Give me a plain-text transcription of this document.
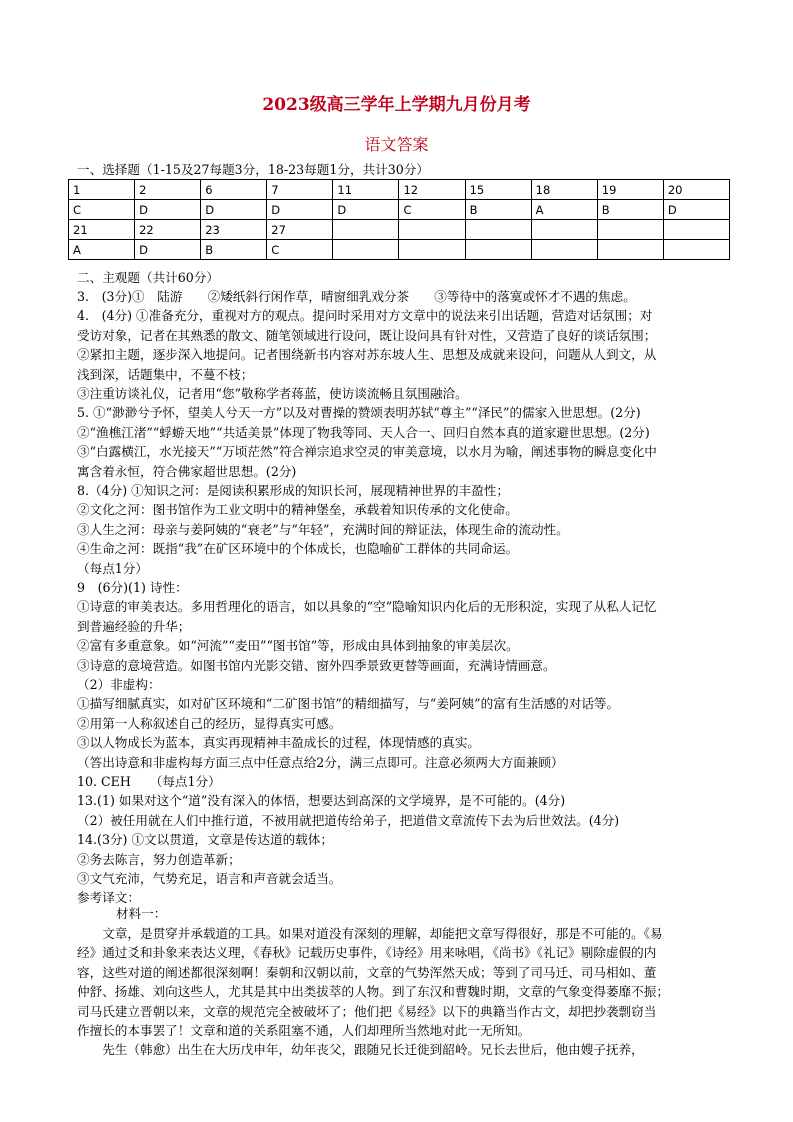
2023级高三学年上学期九月份月考
语文答案
一、选择题（1-15及27每题3分，18-23每题1分，共计30分）
1	2	6	7	11	12	15	18	19	20
C	D	D	D	D	C	B	A	B	D
21	22	23	27						
A	D	B	C						
二、主观题（共计60分）
3.　(3分)①　陆游　　②矮纸斜行闲作草，晴窗细乳戏分茶　　③等待中的落寞或怀才不遇的焦虑。
4.　(4分) ①准备充分，重视对方的观点。提问时采用对方文章中的说法来引出话题，营造对话氛围；对
受访对象，记者在其熟悉的散文、随笔领域进行设问，既让设问具有针对性，又营造了良好的谈话氛围；
②紧扣主题，逐步深入地提问。记者围绕新书内容对苏东坡人生、思想及成就来设问，问题从人到文，从
浅到深，话题集中，不蔓不枝；
③注重访谈礼仪，记者用“您”敬称学者蒋蓝，使访谈流畅且氛围融洽。
5. ①“渺渺兮予怀，望美人兮天一方”以及对曹操的赞颂表明苏轼“尊主”“泽民”的儒家入世思想。(2分)
②“渔樵江渚”“蜉蝣天地”“共适美景”体现了物我等同、天人合一、回归自然本真的道家避世思想。(2分)
③“白露横江，水光接天”“万顷茫然”符合禅宗追求空灵的审美意境，以水月为喻，阐述事物的瞬息变化中
寓含着永恒，符合佛家超世思想。(2分)
8.（4分) ①知识之河：是阅读积累形成的知识长河，展现精神世界的丰盈性；
②文化之河：图书馆作为工业文明中的精神堡垒，承载着知识传承的文化使命。
③人生之河：母亲与姜阿姨的“衰老”与“年轻”，充满时间的辩证法，体现生命的流动性。
④生命之河：既指“我”在矿区环境中的个体成长，也隐喻矿工群体的共同命运。
（每点1分）
9　(6分)(1) 诗性：
①诗意的审美表达。多用哲理化的语言，如以具象的“空”隐喻知识内化后的无形积淀，实现了从私人记忆
到普遍经验的升华；
②富有多重意象。如“河流”“麦田”“图书馆”等，形成由具体到抽象的审美层次。
③诗意的意境营造。如图书馆内光影交错、窗外四季景致更替等画面，充满诗情画意。
（2）非虚构：
①描写细腻真实，如对矿区环境和“二矿图书馆”的精细描写，与“姜阿姨”的富有生活感的对话等。
②用第一人称叙述自己的经历，显得真实可感。
③以人物成长为蓝本，真实再现精神丰盈成长的过程，体现情感的真实。
（答出诗意和非虚构每方面三点中任意点给2分，满三点即可。注意必须两大方面兼顾）
10. CEH　　（每点1分）
13.(1) 如果对这个“道”没有深入的体悟，想要达到高深的文学境界，是不可能的。(4分)
（2）被任用就在人们中推行道，不被用就把道传给弟子，把道借文章流传下去为后世效法。(4分)
14.(3分) ①文以贯道，文章是传达道的载体；
②务去陈言，努力创造革新；
③文气充沛，气势充足，语言和声音就会适当。
参考译文：
材料一：
　　文章，是贯穿并承载道的工具。如果对道没有深刻的理解，却能把文章写得很好，那是不可能的。《易
经》通过爻和卦象来表达义理，《春秋》记载历史事件，《诗经》用来咏唱，《尚书》《礼记》剔除虚假的内
容，这些对道的阐述都很深刻啊！秦朝和汉朝以前，文章的气势浑然天成；等到了司马迁、司马相如、董
仲舒、扬雄、刘向这些人，尤其是其中出类拔萃的人物。到了东汉和曹魏时期，文章的气象变得萎靡不振；
司马氏建立晋朝以来，文章的规范完全被破坏了；他们把《易经》以下的典籍当作古文，却把抄袭剽窃当
作擅长的本事罢了！文章和道的关系阻塞不通，人们却理所当然地对此一无所知。
　　先生（韩愈）出生在大历戊申年，幼年丧父，跟随兄长迁徙到韶岭。兄长去世后，他由嫂子抚养，
